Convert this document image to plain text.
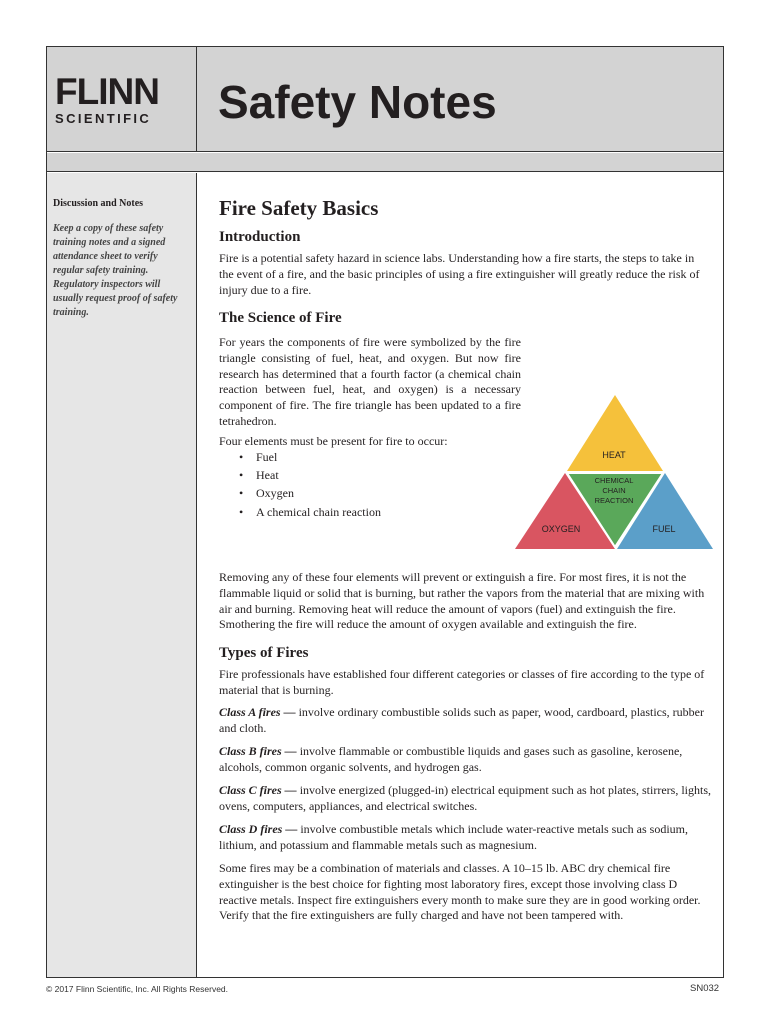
FLINN
SCIENTIFIC Safety Notes
Discussion and Notes
Keep a copy of these safety training notes and a signed attendance sheet to verify regular safety training. Regulatory inspectors will usually request proof of safety training.
Fire Safety Basics
Introduction

Fire is a potential safety hazard in science labs. Understanding how a fire starts, the steps to take in the event of a fire, and the basic principles of using a fire extinguisher will greatly reduce the risk of injury due to a fire.

The Science of Fire

For years the components of fire were symbolized by the fire triangle consisting of fuel, heat, and oxygen. But now fire research has determined that a fourth factor (a chemical chain reaction between fuel, heat, and oxygen) is a necessary component of fire. The fire triangle has been updated to a fire tetrahedron.

Four elements must be present for fire to occur:

• Fuel
• Heat
• Oxygen
• A chemical chain reaction
HEAT
CHEMICAL
CHAIN
REACTION
OXYGEN	FUEL

Removing any of these four elements will prevent or extinguish a fire. For most fires, it is not the flammable liquid or solid that is burning, but rather the vapors from the material that are mixing with air and burning. Removing heat will reduce the amount of vapors (fuel) and extinguish the fire. Smothering the fire will reduce the amount of oxygen available and extinguish the fire.

Types of Fires

Fire professionals have established four different categories or classes of fire according to the type of material that is burning.

Class A fires — involve ordinary combustible solids such as paper, wood, cardboard, plastics, rubber and cloth.

Class B fires — involve flammable or combustible liquids and gases such as gasoline, kerosene, alcohols, common organic solvents, and hydrogen gas.

Class C fires — involve energized (plugged-in) electrical equipment such as hot plates, stirrers, lights, ovens, computers, appliances, and electrical switches.

Class D fires — involve combustible metals which include water-reactive metals such as sodium, lithium, and potassium and flammable metals such as magnesium.

Some fires may be a combination of materials and classes. A 10–15 lb. ABC dry chemical fire extinguisher is the best choice for fighting most laboratory fires, except those involving class D reactive metals. Inspect fire extinguishers every month to make sure they are in good working order. Verify that the fire extinguishers are fully charged and have not been tampered with.

© 2017 Flinn Scientific, Inc. All Rights Reserved.	SN032
